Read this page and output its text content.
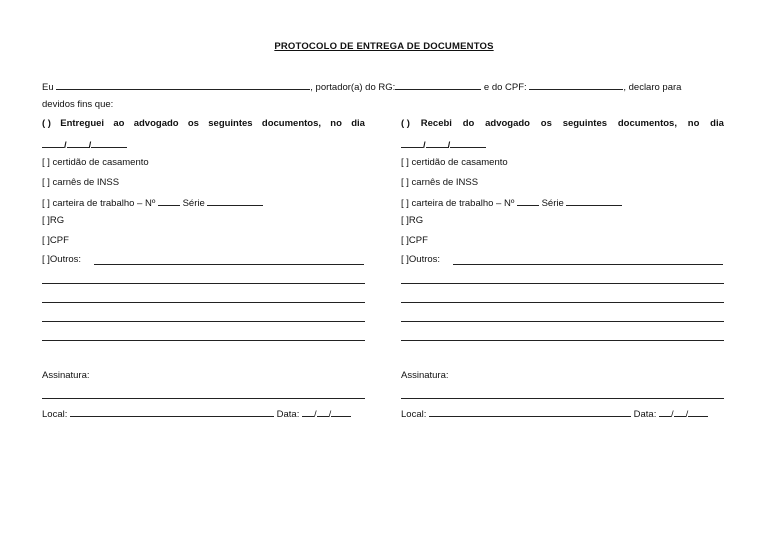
PROTOCOLO DE ENTREGA DE DOCUMENTOS
Eu	, portador(a) do RG:	e do CPF:	, declaro para
devidos fins que:
( ) Entreguei ao advogado os seguintes documentos, no dia
/ /
[ ] certidão de casamento
[ ] carnês de INSS
[ ] carteira de trabalho – Nº	Série
[ ]RG
[ ]CPF
[ ]Outros:
Assinatura:
Local:	Data: / /
( ) Recebi do advogado os seguintes documentos, no dia
/ /
[ ] certidão de casamento
[ ] carnês de INSS
[ ] carteira de trabalho – Nº	Série
[ ]RG
[ ]CPF
[ ]Outros:
Assinatura:
Local:	Data: / /
